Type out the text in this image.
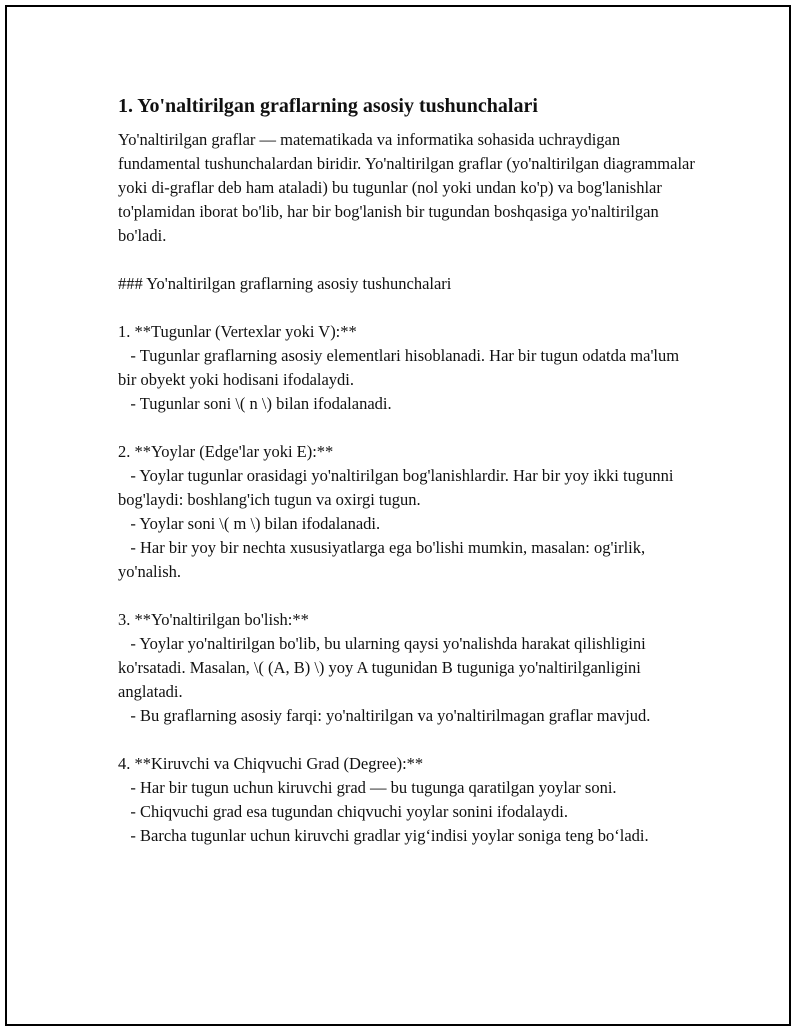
1. Yo'naltirilgan graflarning asosiy tushunchalari

Yo'naltirilgan graflar — matematikada va informatika sohasida uchraydigan fundamental tushunchalardan biridir. Yo'naltirilgan graflar (yo'naltirilgan diagrammalar yoki di-graflar deb ham ataladi) bu tugunlar (nol yoki undan ko'p) va bog'lanishlar to'plamidan iborat bo'lib, har bir bog'lanish bir tugundan boshqasiga yo'naltirilgan bo'ladi.

### Yo'naltirilgan graflarning asosiy tushunchalari

1. **Tugunlar (Vertexlar yoki V):**

- Tugunlar graflarning asosiy elementlari hisoblanadi. Har bir tugun odatda ma'lum bir obyekt yoki hodisani ifodalaydi.

- Tugunlar soni \( n \) bilan ifodalanadi.

2. **Yoylar (Edge'lar yoki E):**

- Yoylar tugunlar orasidagi yo'naltirilgan bog'lanishlardir. Har bir yoy ikki tugunni bog'laydi: boshlang'ich tugun va oxirgi tugun.

- Yoylar soni \( m \) bilan ifodalanadi.

- Har bir yoy bir nechta xususiyatlarga ega bo'lishi mumkin, masalan: og'irlik, yo'nalish.

3. **Yo'naltirilgan bo'lish:**

- Yoylar yo'naltirilgan bo'lib, bu ularning qaysi yo'nalishda harakat qilishligini ko'rsatadi. Masalan, \( (A, B) \) yoy A tugunidan B tuguniga yo'naltirilganligini anglatadi.

- Bu graflarning asosiy farqi: yo'naltirilgan va yo'naltirilmagan graflar mavjud.

4. **Kiruvchi va Chiqvuchi Grad (Degree):**

- Har bir tugun uchun kiruvchi grad — bu tugunga qaratilgan yoylar soni.

- Chiqvuchi grad esa tugundan chiqvuchi yoylar sonini ifodalaydi.

- Barcha tugunlar uchun kiruvchi gradlar yig‘indisi yoylar soniga teng bo‘ladi.
